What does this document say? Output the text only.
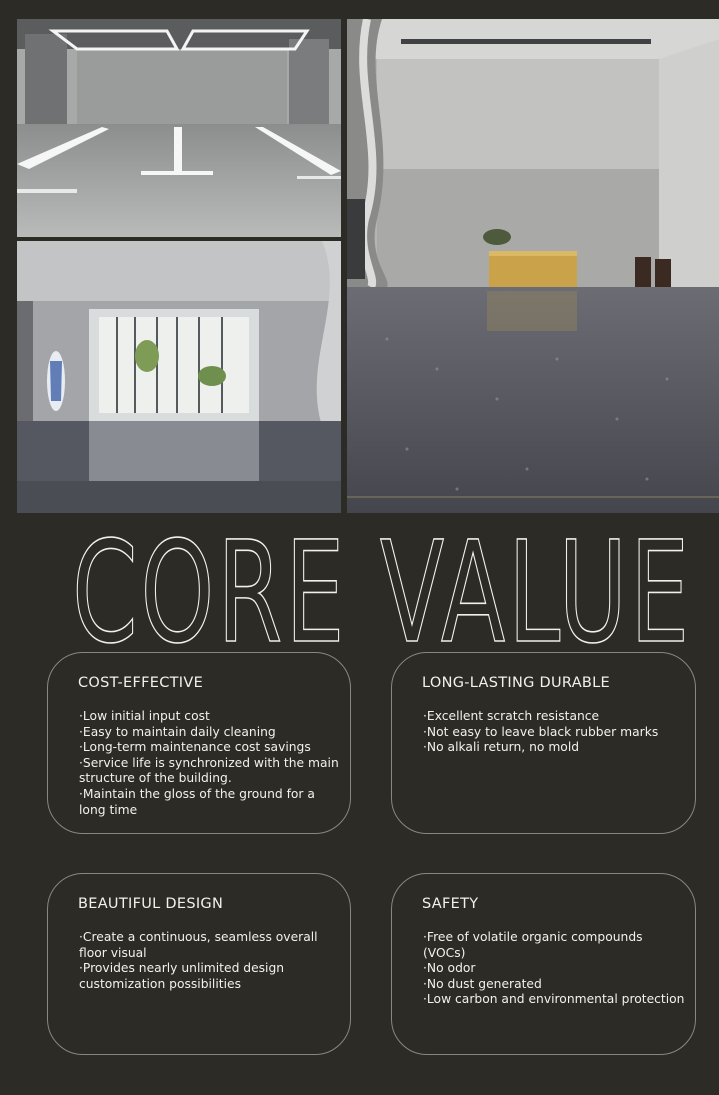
CORE VALUE
COST-EFFECTIVE
· Low initial input cost
· Easy to maintain daily cleaning
· Long-term maintenance cost savings
· Service life is synchronized with the main structure of the building.
· Maintain the gloss of the ground for a long time
LONG-LASTING DURABLE
· Excellent scratch resistance
· Not easy to leave black rubber marks
· No alkali return, no mold
BEAUTIFUL DESIGN
· Create a continuous, seamless overall floor visual
· Provides nearly unlimited design customization possibilities
SAFETY
· Free of volatile organic compounds (VOCs)
· No odor
· No dust generated
· Low carbon and environmental protection
